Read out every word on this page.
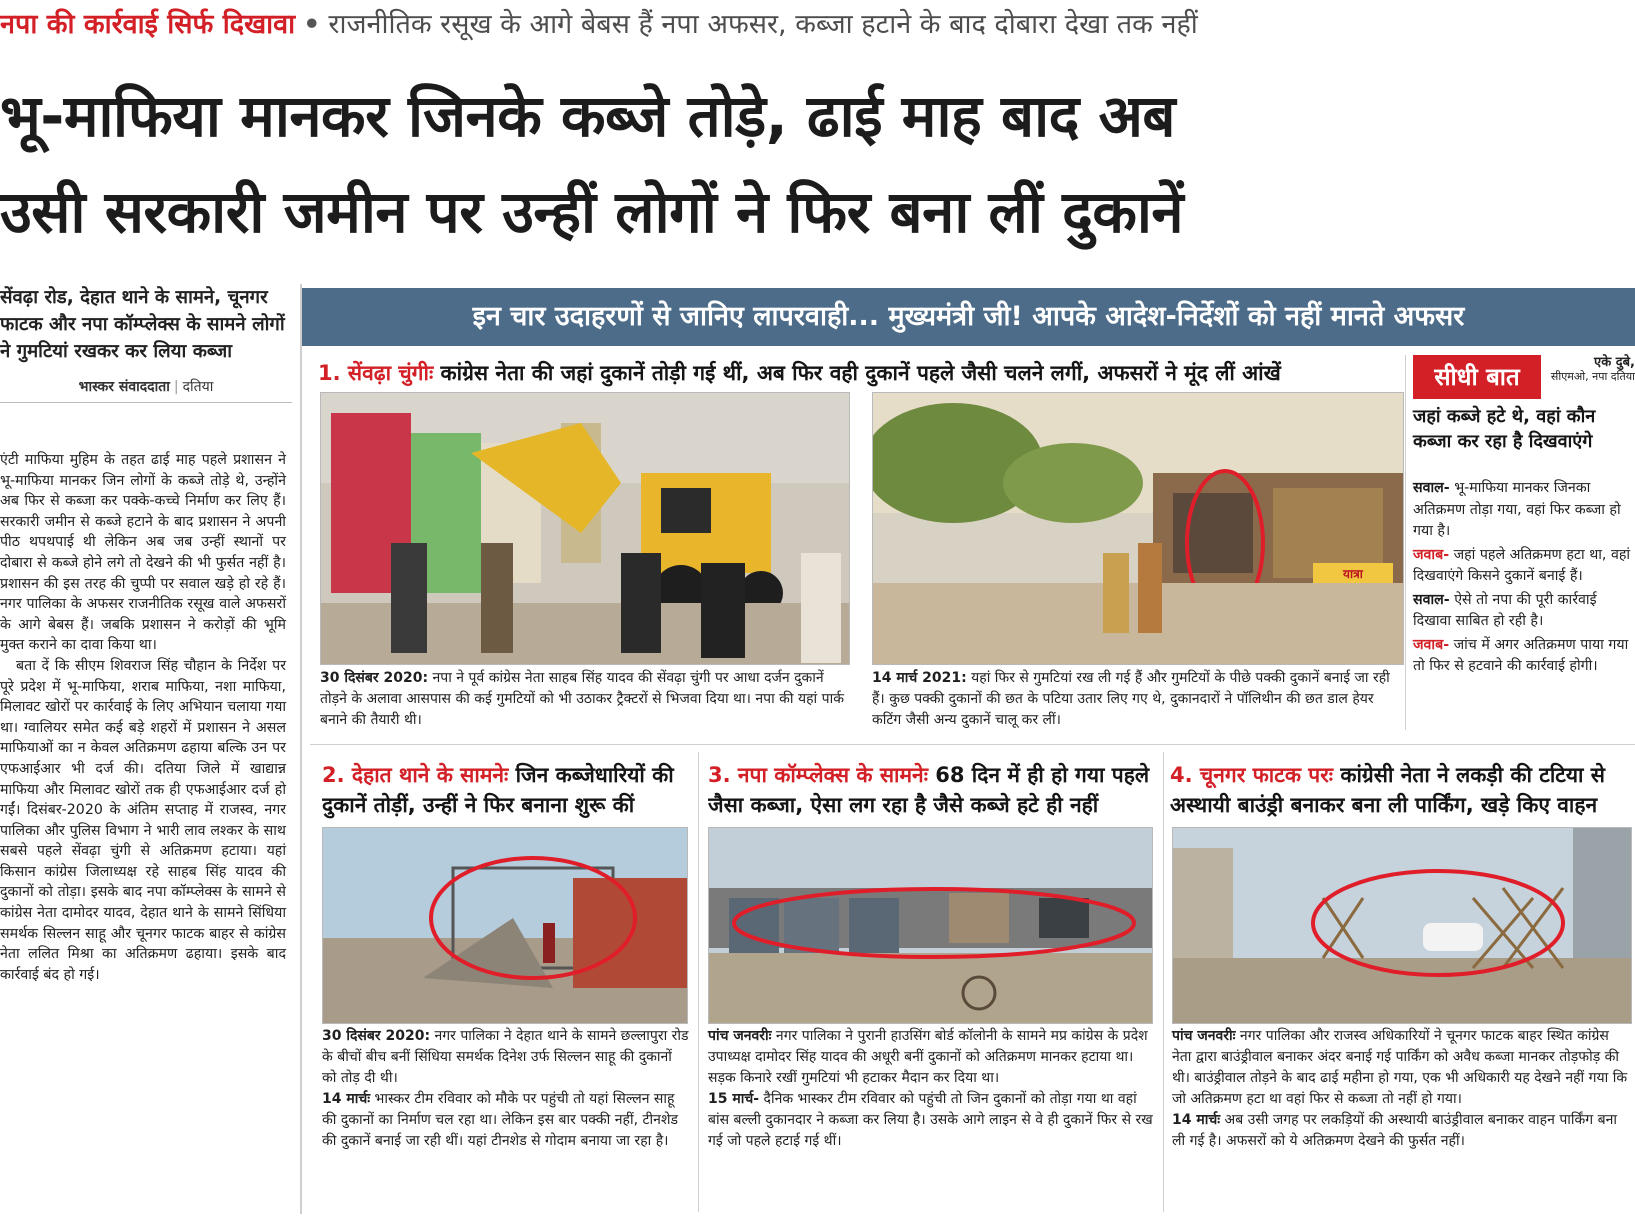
नपा की कार्रवाई सिर्फ दिखावा • राजनीतिक रसूख के आगे बेबस हैं नपा अफसर, कब्जा हटाने के बाद दोबारा देखा तक नहीं
भू-माफिया मानकर जिनके कब्जे तोड़े, ढाई माह बाद अब
उसी सरकारी जमीन पर उन्हीं लोगों ने फिर बना लीं दुकानें
सेंवढ़ा रोड, देहात थाने के सामने, चूनगर फाटक और नपा कॉम्प्लेक्स के सामने लोगों ने गुमटियां रखकर कर लिया कब्जा
भास्कर संवाददाता | दतिया

एंटी माफिया मुहिम के तहत ढाई माह पहले प्रशासन ने भू-माफिया मानकर जिन लोगों के कब्जे तोड़े थे, उन्होंने अब फिर से कब्जा कर पक्के-कच्चे निर्माण कर लिए हैं। सरकारी जमीन से कब्जे हटाने के बाद प्रशासन ने अपनी पीठ थपथपाई थी लेकिन अब जब उन्हीं स्थानों पर दोबारा से कब्जे होने लगे तो देखने की भी फुर्सत नहीं है। प्रशासन की इस तरह की चुप्पी पर सवाल खड़े हो रहे हैं। नगर पालिका के अफसर राजनीतिक रसूख वाले अफसरों के आगे बेबस हैं। जबकि प्रशासन ने करोड़ों की भूमि मुक्त कराने का दावा किया था।

बता दें कि सीएम शिवराज सिंह चौहान के निर्देश पर पूरे प्रदेश में भू-माफिया, शराब माफिया, नशा माफिया, मिलावट खोरों पर कार्रवाई के लिए अभियान चलाया गया था। ग्वालियर समेत कई बड़े शहरों में प्रशासन ने असल माफियाओं का न केवल अतिक्रमण ढहाया बल्कि उन पर एफआईआर भी दर्ज की। दतिया जिले में खाद्यान्न माफिया और मिलावट खोरों तक ही एफआईआर दर्ज हो गईं। दिसंबर-2020 के अंतिम सप्ताह में राजस्व, नगर पालिका और पुलिस विभाग ने भारी लाव लश्कर के साथ सबसे पहले सेंवढ़ा चुंगी से अतिक्रमण हटाया। यहां किसान कांग्रेस जिलाध्यक्ष रहे साहब सिंह यादव की दुकानों को तोड़ा। इसके बाद नपा कॉम्प्लेक्स के सामने से कांग्रेस नेता दामोदर यादव, देहात थाने के सामने सिंधिया समर्थक सिल्लन साहू और चूनगर फाटक बाहर से कांग्रेस नेता ललित मिश्रा का अतिक्रमण ढहाया। इसके बाद कार्रवाई बंद हो गई।

इन चार उदाहरणों से जानिए लापरवाही... मुख्यमंत्री जी! आपके आदेश-निर्देशों को नहीं मानते अफसर
1. सेंवढ़ा चुंगीः कांग्रेस नेता की जहां दुकानें तोड़ी गई थीं, अब फिर वही दुकानें पहले जैसी चलने लगीं, अफसरों ने मूंद लीं आंखें
यात्रा
30 दिसंबर 2020: नपा ने पूर्व कांग्रेस नेता साहब सिंह यादव की सेंवढ़ा चुंगी पर आधा दर्जन दुकानें तोड़ने के अलावा आसपास की कई गुमटियों को भी उठाकर ट्रैक्टरों से भिजवा दिया था। नपा की यहां पार्क बनाने की तैयारी थी।
14 मार्च 2021: यहां फिर से गुमटियां रख ली गई हैं और गुमटियों के पीछे पक्की दुकानें बनाई जा रही हैं। कुछ पक्की दुकानों की छत के पटिया उतार लिए गए थे, दुकानदारों ने पॉलिथीन की छत डाल हेयर कटिंग जैसी अन्य दुकानें चालू कर लीं।
सीधी बात
एके दुबे,
सीएमओ, नपा दतिया
जहां कब्जे हटे थे, वहां कौन कब्जा कर रहा है दिखवाएंगे

सवाल- भू-माफिया मानकर जिनका अतिक्रमण तोड़ा गया, वहां फिर कब्जा हो गया है।

जवाब- जहां पहले अतिक्रमण हटा था, वहां दिखवाएंगे किसने दुकानें बनाई हैं।

सवाल- ऐसे तो नपा की पूरी कार्रवाई दिखावा साबित हो रही है।

जवाब- जांच में अगर अतिक्रमण पाया गया तो फिर से हटवाने की कार्रवाई होगी।

2. देहात थाने के सामनेः जिन कब्जेधारियों की दुकानें तोड़ीं, उन्हीं ने फिर बनाना शुरू कीं

30 दिसंबर 2020: नगर पालिका ने देहात थाने के सामने छल्लापुरा रोड के बीचों बीच बनीं सिंधिया समर्थक दिनेश उर्फ सिल्लन साहू की दुकानों को तोड़ दी थी।

14 मार्चः भास्कर टीम रविवार को मौके पर पहुंची तो यहां सिल्लन साहू की दुकानों का निर्माण चल रहा था। लेकिन इस बार पक्की नहीं, टीनशेड की दुकानें बनाई जा रही थीं। यहां टीनशेड से गोदाम बनाया जा रहा है।

3. नपा कॉम्प्लेक्स के सामनेः 68 दिन में ही हो गया पहले जैसा कब्जा, ऐसा लग रहा है जैसे कब्जे हटे ही नहीं

पांच जनवरीः नगर पालिका ने पुरानी हाउसिंग बोर्ड कॉलोनी के सामने मप्र कांग्रेस के प्रदेश उपाध्यक्ष दामोदर सिंह यादव की अधूरी बनीं दुकानों को अतिक्रमण मानकर हटाया था। सड़क किनारे रखीं गुमटियां भी हटाकर मैदान कर दिया था।

15 मार्च- दैनिक भास्कर टीम रविवार को पहुंची तो जिन दुकानों को तोड़ा गया था वहां बांस बल्ली दुकानदार ने कब्जा कर लिया है। उसके आगे लाइन से वे ही दुकानें फिर से रख गई जो पहले हटाई गई थीं।

4. चूनगर फाटक परः कांग्रेसी नेता ने लकड़ी की टटिया से अस्थायी बाउंड्री बनाकर बना ली पार्किंग, खड़े किए वाहन

पांच जनवरीः नगर पालिका और राजस्व अधिकारियों ने चूनगर फाटक बाहर स्थित कांग्रेस नेता द्वारा बाउंड्रीवाल बनाकर अंदर बनाई गई पार्किंग को अवैध कब्जा मानकर तोड़फोड़ की थी। बाउंड्रीवाल तोड़ने के बाद ढाई महीना हो गया, एक भी अधिकारी यह देखने नहीं गया कि जो अतिक्रमण हटा था वहां फिर से कब्जा तो नहीं हो गया।

14 मार्चः अब उसी जगह पर लकड़ियों की अस्थायी बाउंड्रीवाल बनाकर वाहन पार्किंग बना ली गई है। अफसरों को ये अतिक्रमण देखने की फुर्सत नहीं।
